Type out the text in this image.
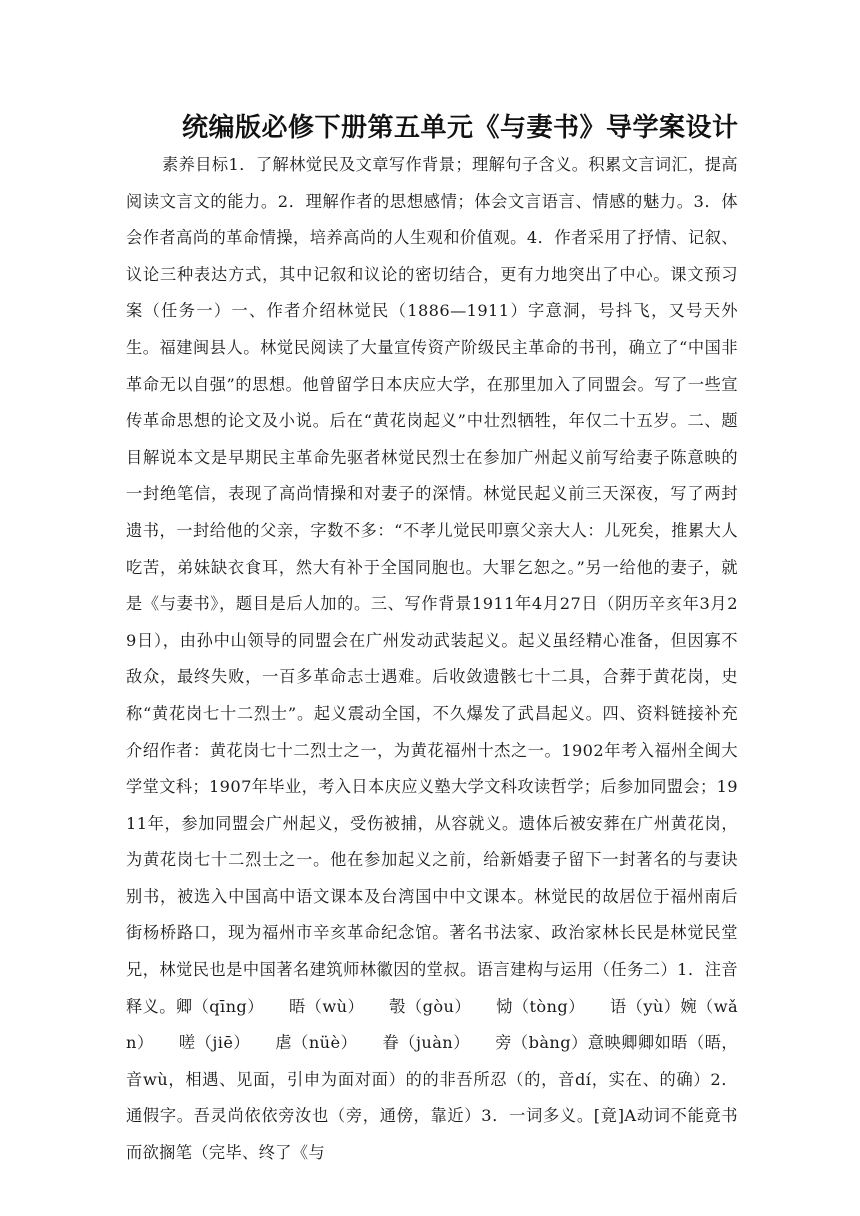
统编版必修下册第五单元《与妻书》导学案设计

素养目标1．了解林觉民及文章写作背景；理解句子含义。积累文言词汇，提高阅读文言文的能力。2．理解作者的思想感情；体会文言语言、情感的魅力。3．体会作者高尚的革命情操，培养高尚的人生观和价值观。4．作者采用了抒情、记叙、议论三种表达方式，其中记叙和议论的密切结合，更有力地突出了中心。课文预习案（任务一）一、作者介绍林觉民（1886—1911）字意洞，号抖飞，又号天外生。福建闽县人。林觉民阅读了大量宣传资产阶级民主革命的书刊，确立了“中国非革命无以自强”的思想。他曾留学日本庆应大学，在那里加入了同盟会。写了一些宣传革命思想的论文及小说。后在“黄花岗起义”中壮烈牺牲，年仅二十五岁。二、题目解说本文是早期民主革命先驱者林觉民烈士在参加广州起义前写给妻子陈意映的一封绝笔信，表现了高尚情操和对妻子的深情。林觉民起义前三天深夜，写了两封遗书，一封给他的父亲，字数不多：“不孝儿觉民叩禀父亲大人：儿死矣，推累大人吃苦，弟妹缺衣食耳，然大有补于全国同胞也。大罪乞恕之。”另一给他的妻子，就是《与妻书》，题目是后人加的。三、写作背景1911年4月27日（阴历辛亥年3月29日），由孙中山领导的同盟会在广州发动武装起义。起义虽经精心准备，但因寡不敌众，最终失败，一百多革命志士遇难。后收敛遗骸七十二具，合葬于黄花岗，史称“黄花岗七十二烈士”。起义震动全国，不久爆发了武昌起义。四、资料链接补充介绍作者：黄花岗七十二烈士之一，为黄花福州十杰之一。1902年考入福州全闽大学堂文科；1907年毕业，考入日本庆应义塾大学文科攻读哲学；后参加同盟会；1911年，参加同盟会广州起义，受伤被捕，从容就义。遗体后被安葬在广州黄花岗，为黄花岗七十二烈士之一。他在参加起义之前，给新婚妻子留下一封著名的与妻诀别书，被选入中国高中语文课本及台湾国中中文课本。林觉民的故居位于福州南后街杨桥路口，现为福州市辛亥革命纪念馆。著名书法家、政治家林长民是林觉民堂兄，林觉民也是中国著名建筑师林徽因的堂叔。语言建构与运用（任务二）1．注音释义。卿（qīng）　　晤（wù）　　彀（gòu）　　恸（tòng）　　语（yù）婉（wǎn）　　嗟（jiē）　　虐（nüè）　　眷（juàn）　　旁（bàng）意映卿卿如晤（晤，音wù，相遇、见面，引申为面对面）的的非吾所忍（的，音dí，实在、的确）2．通假字。吾灵尚依依旁汝也（旁，通傍，靠近）3．一词多义。[竟]A动词不能竟书而欲搁笔（完毕、终了《与
